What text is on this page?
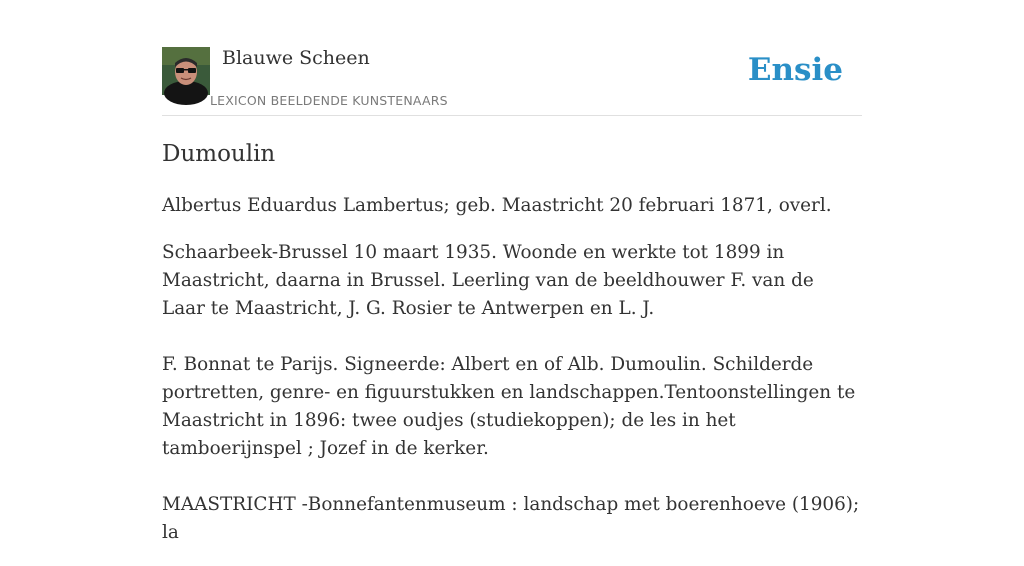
Blauwe Scheen
LEXICON BEELDENDE KUNSTENAARS
Ensie
Dumoulin

Albertus Eduardus Lambertus; geb. Maastricht 20 februari 1871, overl.

Schaarbeek-Brussel 10 maart 1935. Woonde en werkte tot 1899 in Maastricht, daarna in Brussel. Leerling van de beeldhouwer F. van de Laar te Maastricht, J. G. Rosier te Antwerpen en L. J.

F. Bonnat te Parijs. Signeerde: Albert en of Alb. Dumoulin. Schilderde portretten, genre- en figuurstukken en landschappen.Tentoonstellingen te Maastricht in 1896: twee oudjes (studiekoppen); de les in het tamboerijnspel ; Jozef in de kerker.

MAASTRICHT -Bonnefantenmuseum : landschap met boerenhoeve (1906); la
